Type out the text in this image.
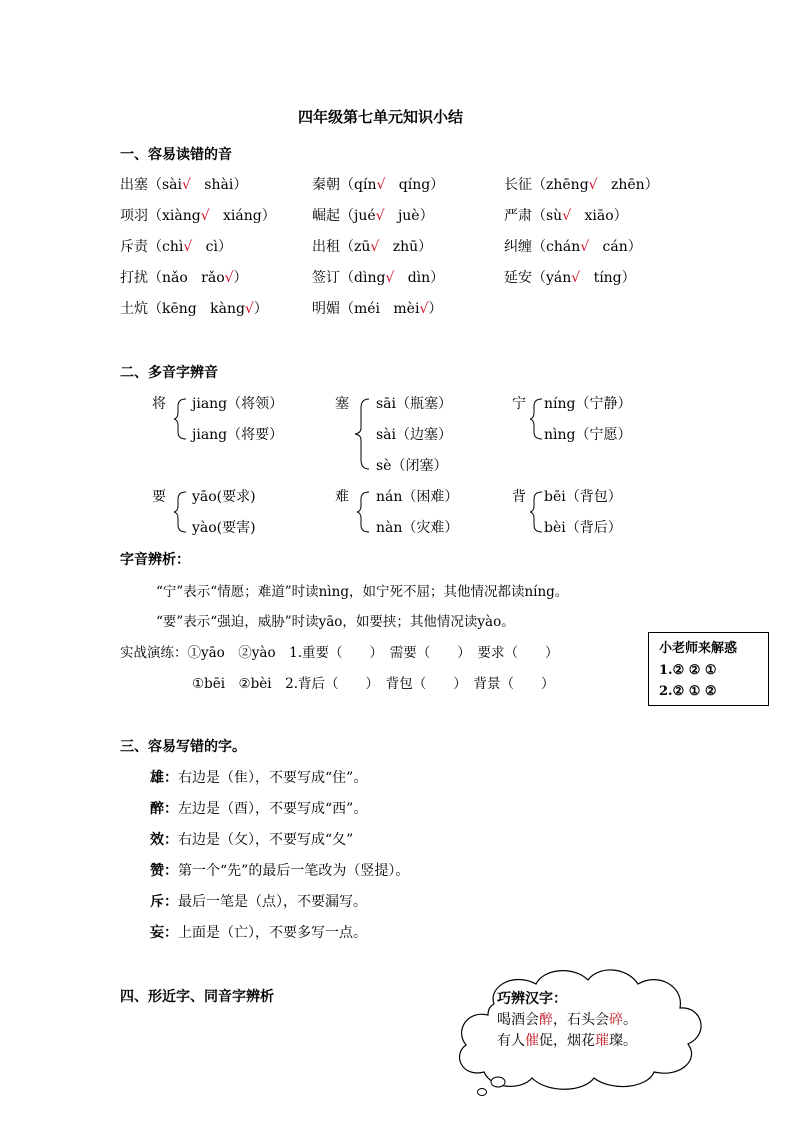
四年级第七单元知识小结
一、容易读错的音
出塞（sài√ shài）	秦朝（qín√ qíng）	长征（zhēng√ zhēn）
项羽（xiàng√ xiáng）	崛起（jué√ juè）	严肃（sù√ xiāo）
斥责（chì√ cì）	出租（zū√ zhū）	纠缠（chán√ cán）
打扰（nǎo rǎo√）	签订（dìng√ dìn）	延安（yán√ tíng）
土炕（kēng kàng√）	明媚（méi mèi√）
二、多音字辨音
将 jiang（将领）
jiang（将要）
塞 sāi（瓶塞）
sài（边塞）
sè（闭塞）
宁 níng（宁静）
nìng（宁愿）
要 yāo(要求)
yào(要害)
难 nán（困难）
nàn（灾难）
背 bēi（背包）
bèi（背后）
字音辨析：
“宁”表示“情愿；难道”时读nìng，如宁死不屈；其他情况都读níng。
“要”表示“强迫，威胁”时读yāo，如要挟；其他情况读yào。
实战演练：①yāo　②yào　1.重要（　　）　需要（　　）　要求（　　）
①bēi　②bèi　2.背后（　　）　背包（　　）　背景（　　）
小老师来解惑
1.② ② ①
2.② ① ②
三、容易写错的字。
雄：右边是（隹），不要写成“住”。
醉：左边是（酉），不要写成“西”。
效：右边是（攵），不要写成“夂”
赞：第一个“先”的最后一笔改为（竖提）。
斥：最后一笔是（点），不要漏写。
妄：上面是（亡），不要多写一点。
四、形近字、同音字辨析	巧辨汉字：
喝酒会醉，石头会碎。
有人催促，烟花璀璨。
